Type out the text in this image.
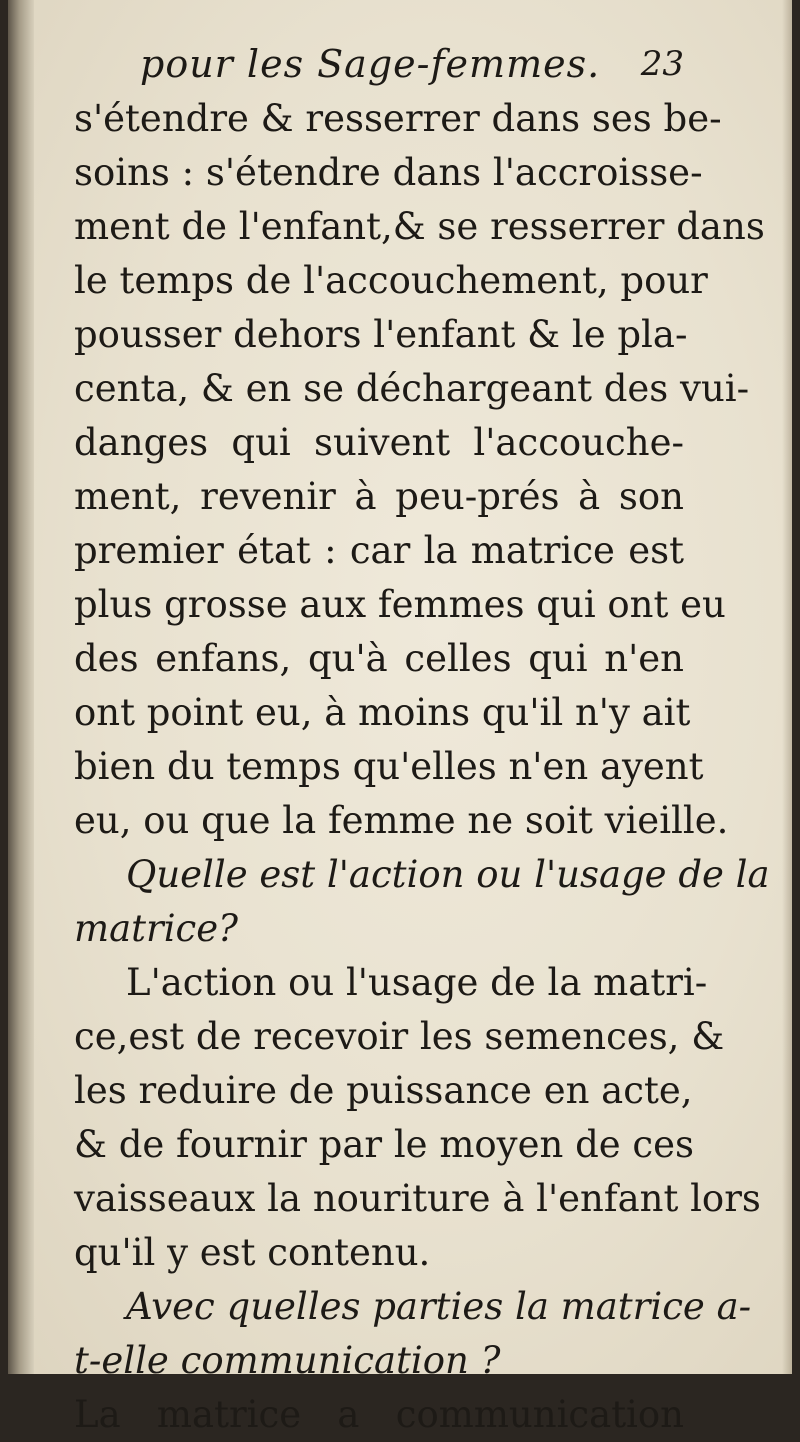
pour les Sage-femmes. 23
s'étendre & resserrer dans ses be-
soins : s'étendre dans l'accroisse-
ment de l'enfant,& se resserrer dans
le temps de l'accouchement, pour
pousser dehors l'enfant & le pla-
centa, & en se déchargeant des vui-
danges qui suivent l'accouche-
ment, revenir à peu-prés à son
premier état : car la matrice est
plus grosse aux femmes qui ont eu
des enfans, qu'à celles qui n'en
ont point eu, à moins qu'il n'y ait
bien du temps qu'elles n'en ayent
eu, ou que la femme ne soit vieille.
Quelle est l'action ou l'usage de la
matrice?
L'action ou l'usage de la matri-
ce,est de recevoir les semences, &
les reduire de puissance en acte,
& de fournir par le moyen de ces
vaisseaux la nouriture à l'enfant lors
qu'il y est contenu.
Avec quelles parties la matrice a-
t-elle communication ?
La matrice a communication
